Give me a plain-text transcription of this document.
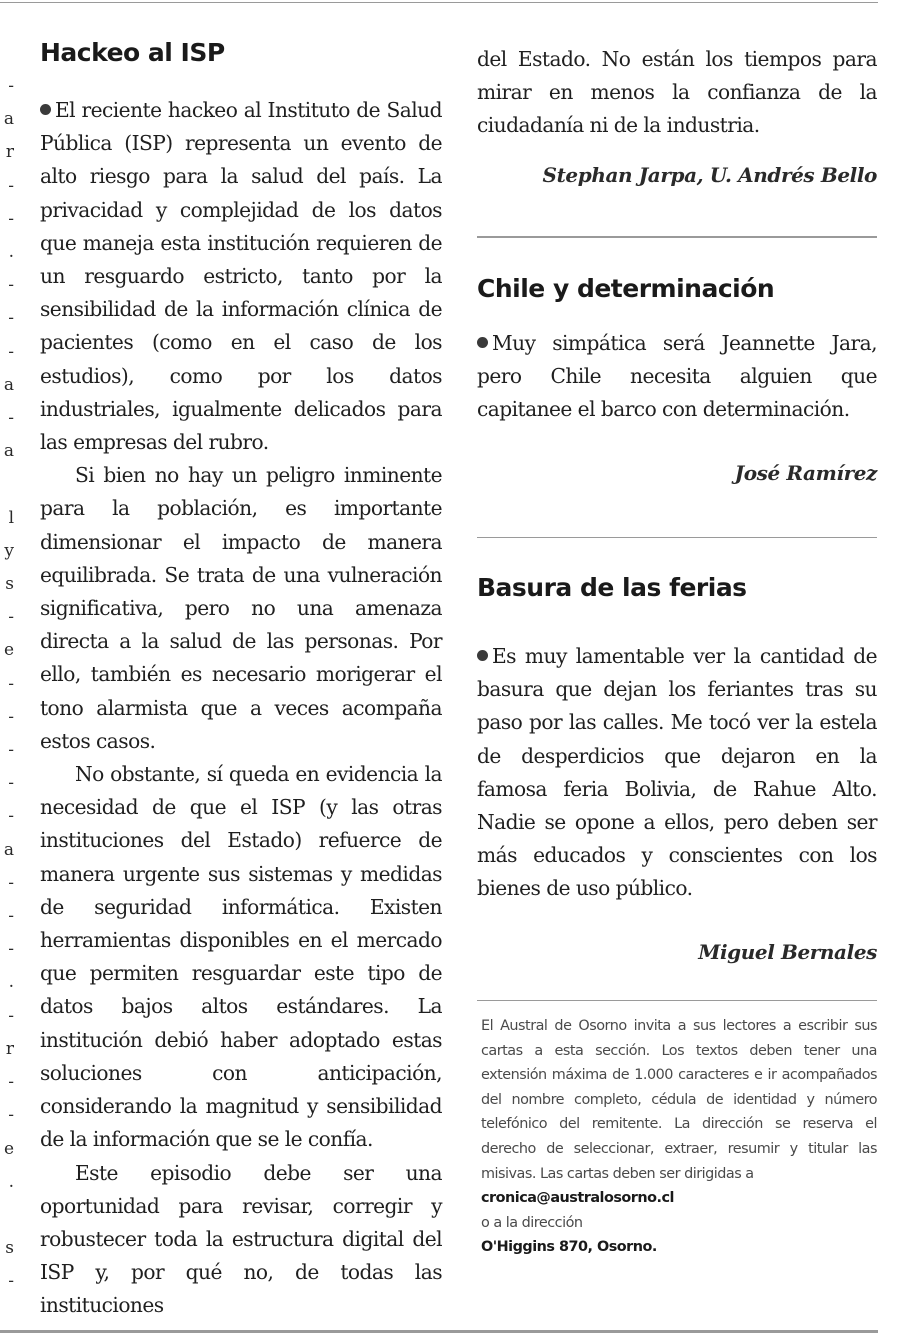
-
a
r
-
-
.
-
-
-
a
-
a

l
y
s
-
e
-
-
-
-
-
a
-
-
-
.
-
r
-
-
e
.

s
-
Hackeo al ISP

El reciente hackeo al Instituto de Salud Pública (ISP) representa un evento de alto riesgo para la salud del país. La privacidad y complejidad de los datos que maneja esta institución requieren de un resguardo estricto, tanto por la sensibilidad de la información clínica de pacientes (como en el caso de los estudios), como por los datos industriales, igualmente delicados para las empresas del rubro.

Si bien no hay un peligro inminente para la población, es importante dimensionar el impacto de manera equilibrada. Se trata de una vulneración significativa, pero no una amenaza directa a la salud de las personas. Por ello, también es necesario morigerar el tono alarmista que a veces acompaña estos casos.

No obstante, sí queda en evidencia la necesidad de que el ISP (y las otras instituciones del Estado) refuerce de manera urgente sus sistemas y medidas de seguridad informática. Existen herramientas disponibles en el mercado que permiten resguardar este tipo de datos bajos altos estándares. La institución debió haber adoptado estas soluciones con anticipación, considerando la magnitud y sensibilidad de la información que se le confía.

Este episodio debe ser una oportunidad para revisar, corregir y robustecer toda la estructura digital del ISP y, por qué no, de todas las instituciones

del Estado. No están los tiempos para mirar en menos la confianza de la ciudadanía ni de la industria.

Stephan Jarpa, U. Andrés Bello
Chile y determinación

Muy simpática será Jeannette Jara, pero Chile necesita alguien que capitanee el barco con determinación.

José Ramírez
Basura de las ferias

Es muy lamentable ver la cantidad de basura que dejan los feriantes tras su paso por las calles. Me tocó ver la estela de desperdicios que dejaron en la famosa feria Bolivia, de Rahue Alto. Nadie se opone a ellos, pero deben ser más educados y conscientes con los bienes de uso público.

Miguel Bernales
El Austral de Osorno invita a sus lectores a escribir sus cartas a esta sección. Los textos deben tener una extensión máxima de 1.000 caracteres e ir acompañados del nombre completo, cédula de identidad y número telefónico del remitente. La dirección se reserva el derecho de seleccionar, extraer, resumir y titular las misivas. Las cartas deben ser dirigidas a
cronica@australosorno.cl
o a la dirección
O'Higgins 870, Osorno.
